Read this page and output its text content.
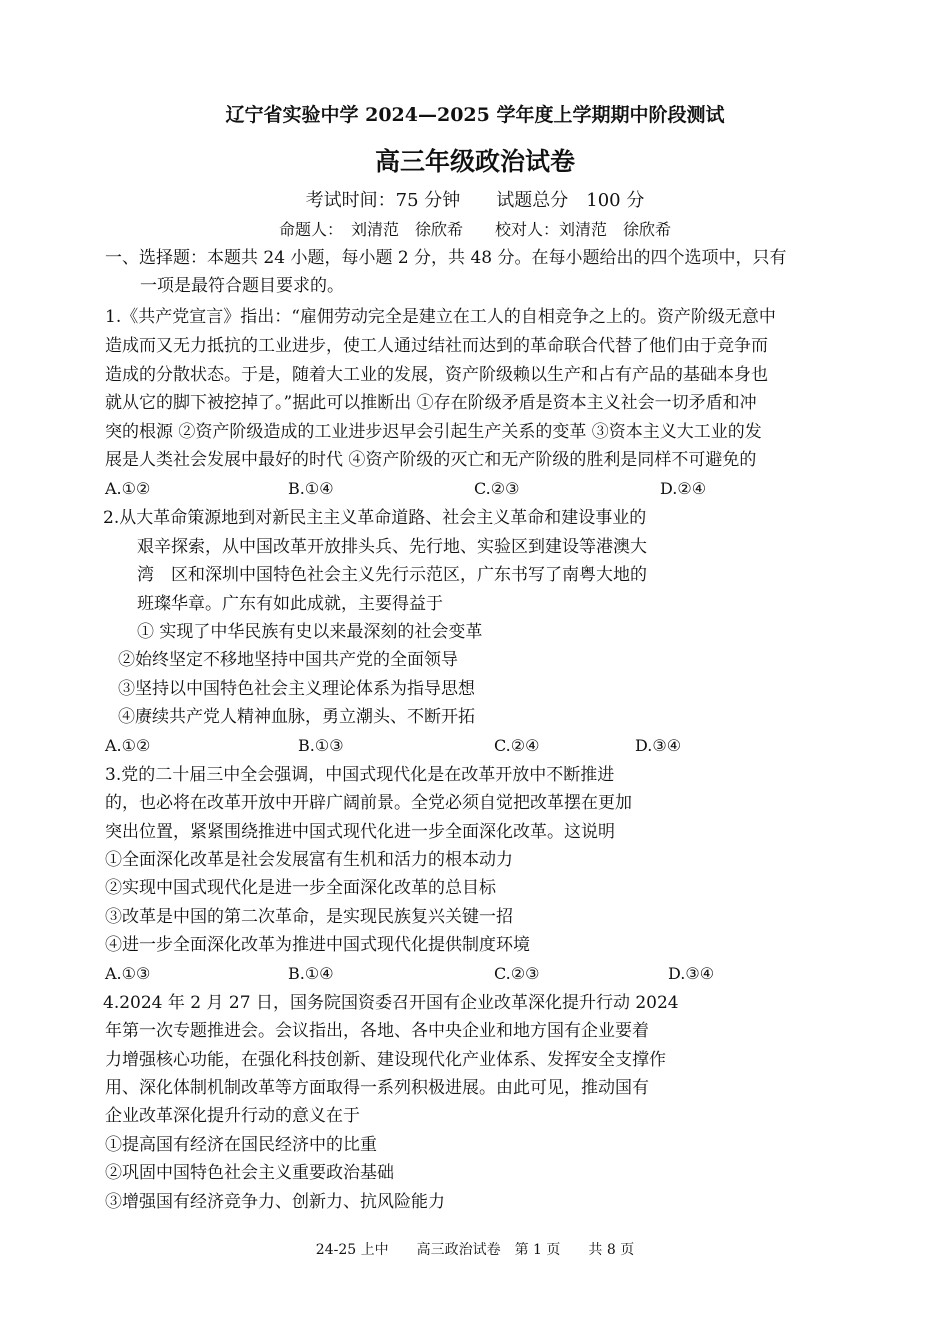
辽宁省实验中学 2024—2025 学年度上学期期中阶段测试
高三年级政治试卷
考试时间：75 分钟　　试题总分　100 分
命题人：　刘清范　徐欣希　　校对人：刘清范　徐欣希
一、选择题：本题共 24 小题，每小题 2 分，共 48 分。在每小题给出的四个选项中，只有
一项是最符合题目要求的。
1.《共产党宣言》指出：“雇佣劳动完全是建立在工人的自相竞争之上的。资产阶级无意中
造成而又无力抵抗的工业进步，使工人通过结社而达到的革命联合代替了他们由于竞争而
造成的分散状态。于是，随着大工业的发展，资产阶级赖以生产和占有产品的基础本身也
就从它的脚下被挖掉了。”据此可以推断出 ①存在阶级矛盾是资本主义社会一切矛盾和冲
突的根源 ②资产阶级造成的工业进步迟早会引起生产关系的变革 ③资本主义大工业的发
展是人类社会发展中最好的时代 ④资产阶级的灭亡和无产阶级的胜利是同样不可避免的
A.①②	B.①④	C.②③	D.②④
2.从大革命策源地到对新民主主义革命道路、社会主义革命和建设事业的
艰辛探索，从中国改革开放排头兵、先行地、实验区到建设等港澳大
湾　区和深圳中国特色社会主义先行示范区，广东书写了南粤大地的
班璨华章。广东有如此成就，主要得益于
① 实现了中华民族有史以来最深刻的社会变革
②始终坚定不移地坚持中国共产党的全面领导
③坚持以中国特色社会主义理论体系为指导思想
④赓续共产党人精神血脉，勇立潮头、不断开拓
A.①②	B.①③	C.②④	D.③④
3.党的二十届三中全会强调，中国式现代化是在改革开放中不断推进
的，也必将在改革开放中开辟广阔前景。全党必须自觉把改革摆在更加
突出位置，紧紧围绕推进中国式现代化进一步全面深化改革。这说明
①全面深化改革是社会发展富有生机和活力的根本动力
②实现中国式现代化是进一步全面深化改革的总目标
③改革是中国的第二次革命，是实现民族复兴关键一招
④进一步全面深化改革为推进中国式现代化提供制度环境
A.①③	B.①④	C.②③	D.③④
4.2024 年 2 月 27 日，国务院国资委召开国有企业改革深化提升行动 2024
年第一次专题推进会。会议指出，各地、各中央企业和地方国有企业要着
力增强核心功能，在强化科技创新、建设现代化产业体系、发挥安全支撑作
用、深化体制机制改革等方面取得一系列积极进展。由此可见，推动国有
企业改革深化提升行动的意义在于
①提高国有经济在国民经济中的比重
②巩固中国特色社会主义重要政治基础
③增强国有经济竞争力、创新力、抗风险能力
24-25 上中　　高三政治试卷　第 1 页　　共 8 页
